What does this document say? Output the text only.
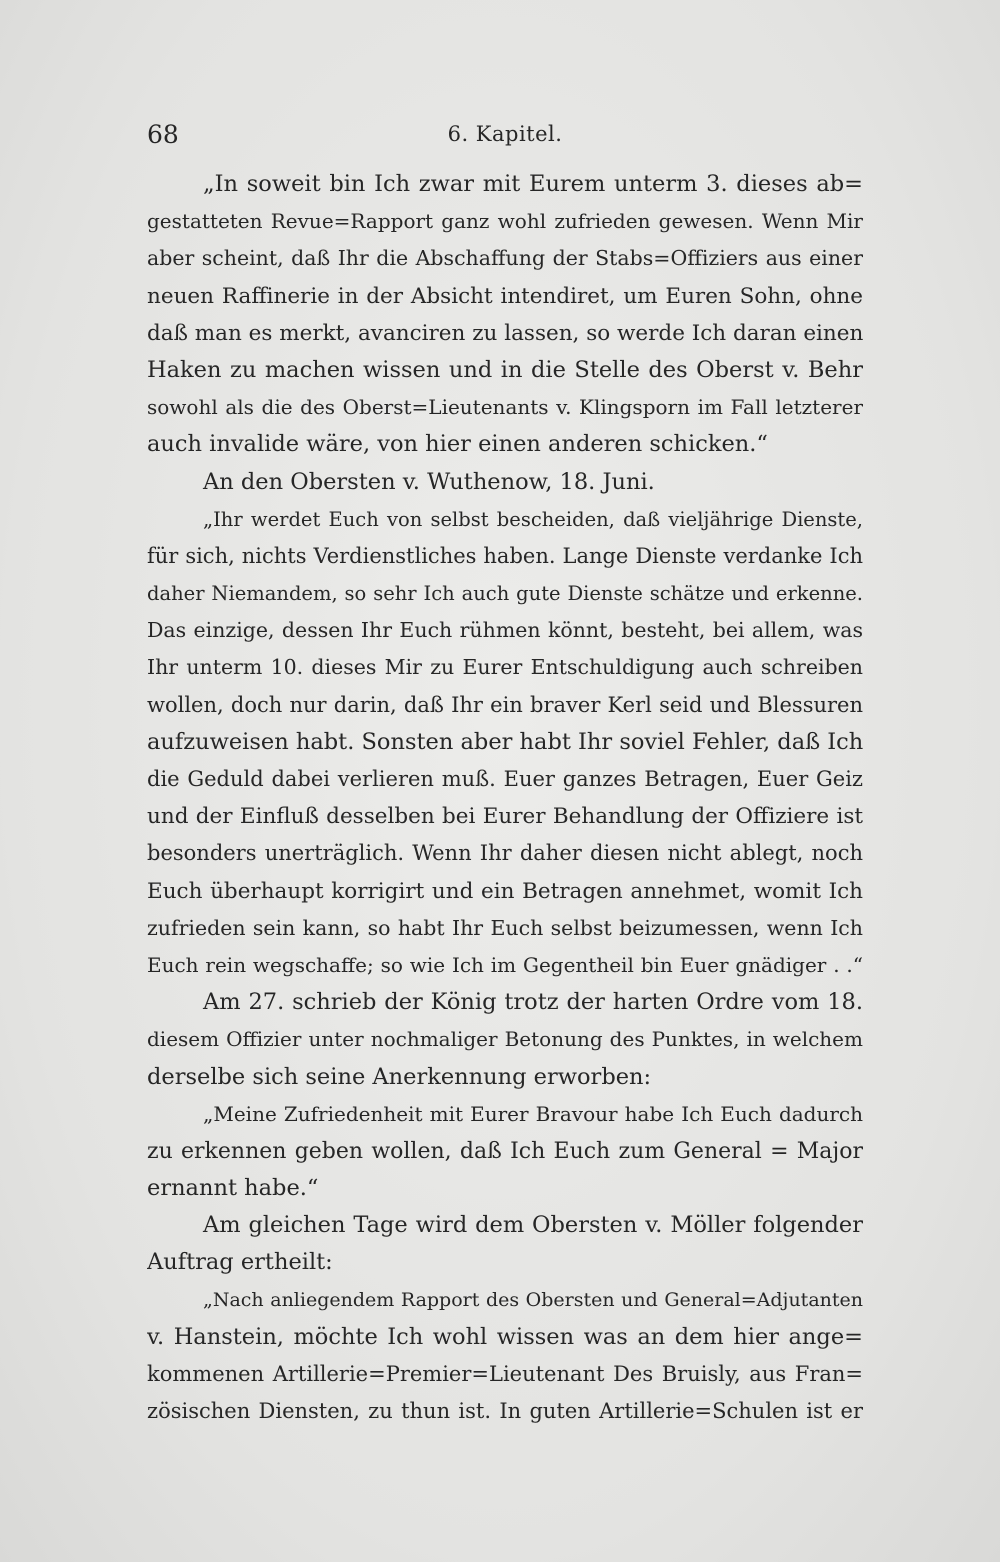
68	6. Kapitel.
„In soweit bin Ich zwar mit Eurem unterm 3. dieses ab=
gestatteten Revue=Rapport ganz wohl zufrieden gewesen. Wenn Mir
aber scheint, daß Ihr die Abschaffung der Stabs=Offiziers aus einer
neuen Raffinerie in der Absicht intendiret, um Euren Sohn, ohne
daß man es merkt, avanciren zu lassen, so werde Ich daran einen
Haken zu machen wissen und in die Stelle des Oberst v. Behr
sowohl als die des Oberst=Lieutenants v. Klingsporn im Fall letzterer
auch invalide wäre, von hier einen anderen schicken.“
An den Obersten v. Wuthenow, 18. Juni.
„Ihr werdet Euch von selbst bescheiden, daß vieljährige Dienste,
für sich, nichts Verdienstliches haben. Lange Dienste verdanke Ich
daher Niemandem, so sehr Ich auch gute Dienste schätze und erkenne.
Das einzige, dessen Ihr Euch rühmen könnt, besteht, bei allem, was
Ihr unterm 10. dieses Mir zu Eurer Entschuldigung auch schreiben
wollen, doch nur darin, daß Ihr ein braver Kerl seid und Blessuren
aufzuweisen habt. Sonsten aber habt Ihr soviel Fehler, daß Ich
die Geduld dabei verlieren muß. Euer ganzes Betragen, Euer Geiz
und der Einfluß desselben bei Eurer Behandlung der Offiziere ist
besonders unerträglich. Wenn Ihr daher diesen nicht ablegt, noch
Euch überhaupt korrigirt und ein Betragen annehmet, womit Ich
zufrieden sein kann, so habt Ihr Euch selbst beizumessen, wenn Ich
Euch rein wegschaffe; so wie Ich im Gegentheil bin Euer gnädiger . .“
Am 27. schrieb der König trotz der harten Ordre vom 18.
diesem Offizier unter nochmaliger Betonung des Punktes, in welchem
derselbe sich seine Anerkennung erworben:
„Meine Zufriedenheit mit Eurer Bravour habe Ich Euch dadurch
zu erkennen geben wollen, daß Ich Euch zum General = Major
ernannt habe.“
Am gleichen Tage wird dem Obersten v. Möller folgender
Auftrag ertheilt:
„Nach anliegendem Rapport des Obersten und General=Adjutanten
v. Hanstein, möchte Ich wohl wissen was an dem hier ange=
kommenen Artillerie=Premier=Lieutenant Des Bruisly, aus Fran=
zösischen Diensten, zu thun ist. In guten Artillerie=Schulen ist er
